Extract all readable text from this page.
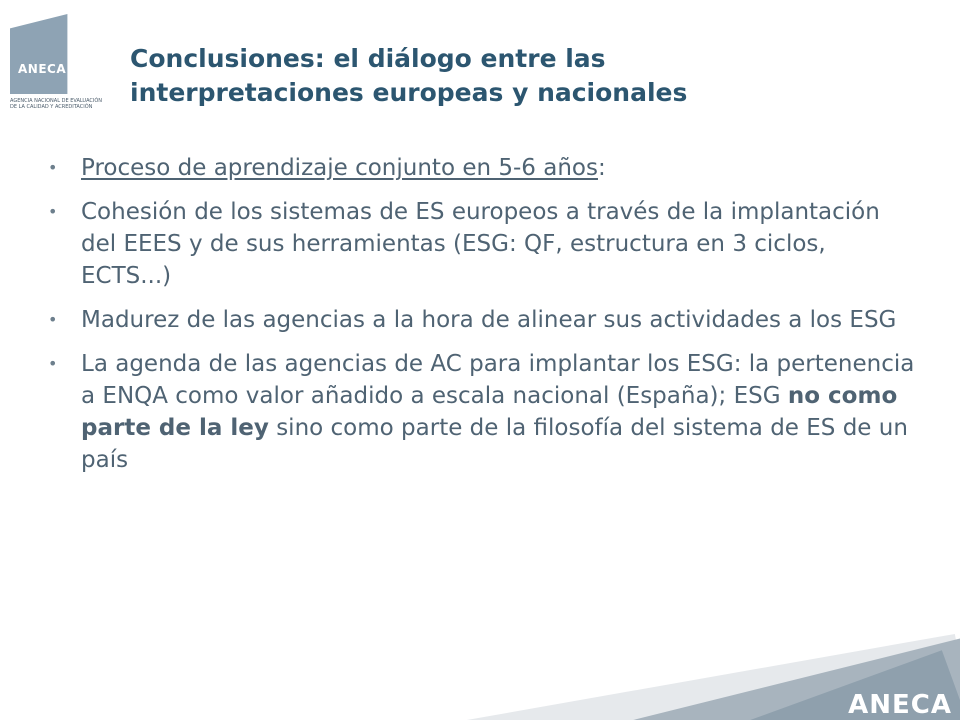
ANECA
ANECA
AGENCIA NACIONAL DE EVALUACIÓN
DE LA CALIDAD Y ACREDITACIÓN
Conclusiones: el diálogo entre las
interpretaciones europeas y nacionales
• Proceso de aprendizaje conjunto en 5-6 años:
• Cohesión de los sistemas de ES europeos a través de la implantación del EEES y de sus herramientas (ESG: QF, estructura en 3 ciclos, ECTS...)
• Madurez de las agencias a la hora de alinear sus actividades a los ESG
• La agenda de las agencias de AC para implantar los ESG: la pertenencia a ENQA como valor añadido a escala nacional (España); ESG no como parte de la ley sino como parte de la filosofía del sistema de ES de un país
